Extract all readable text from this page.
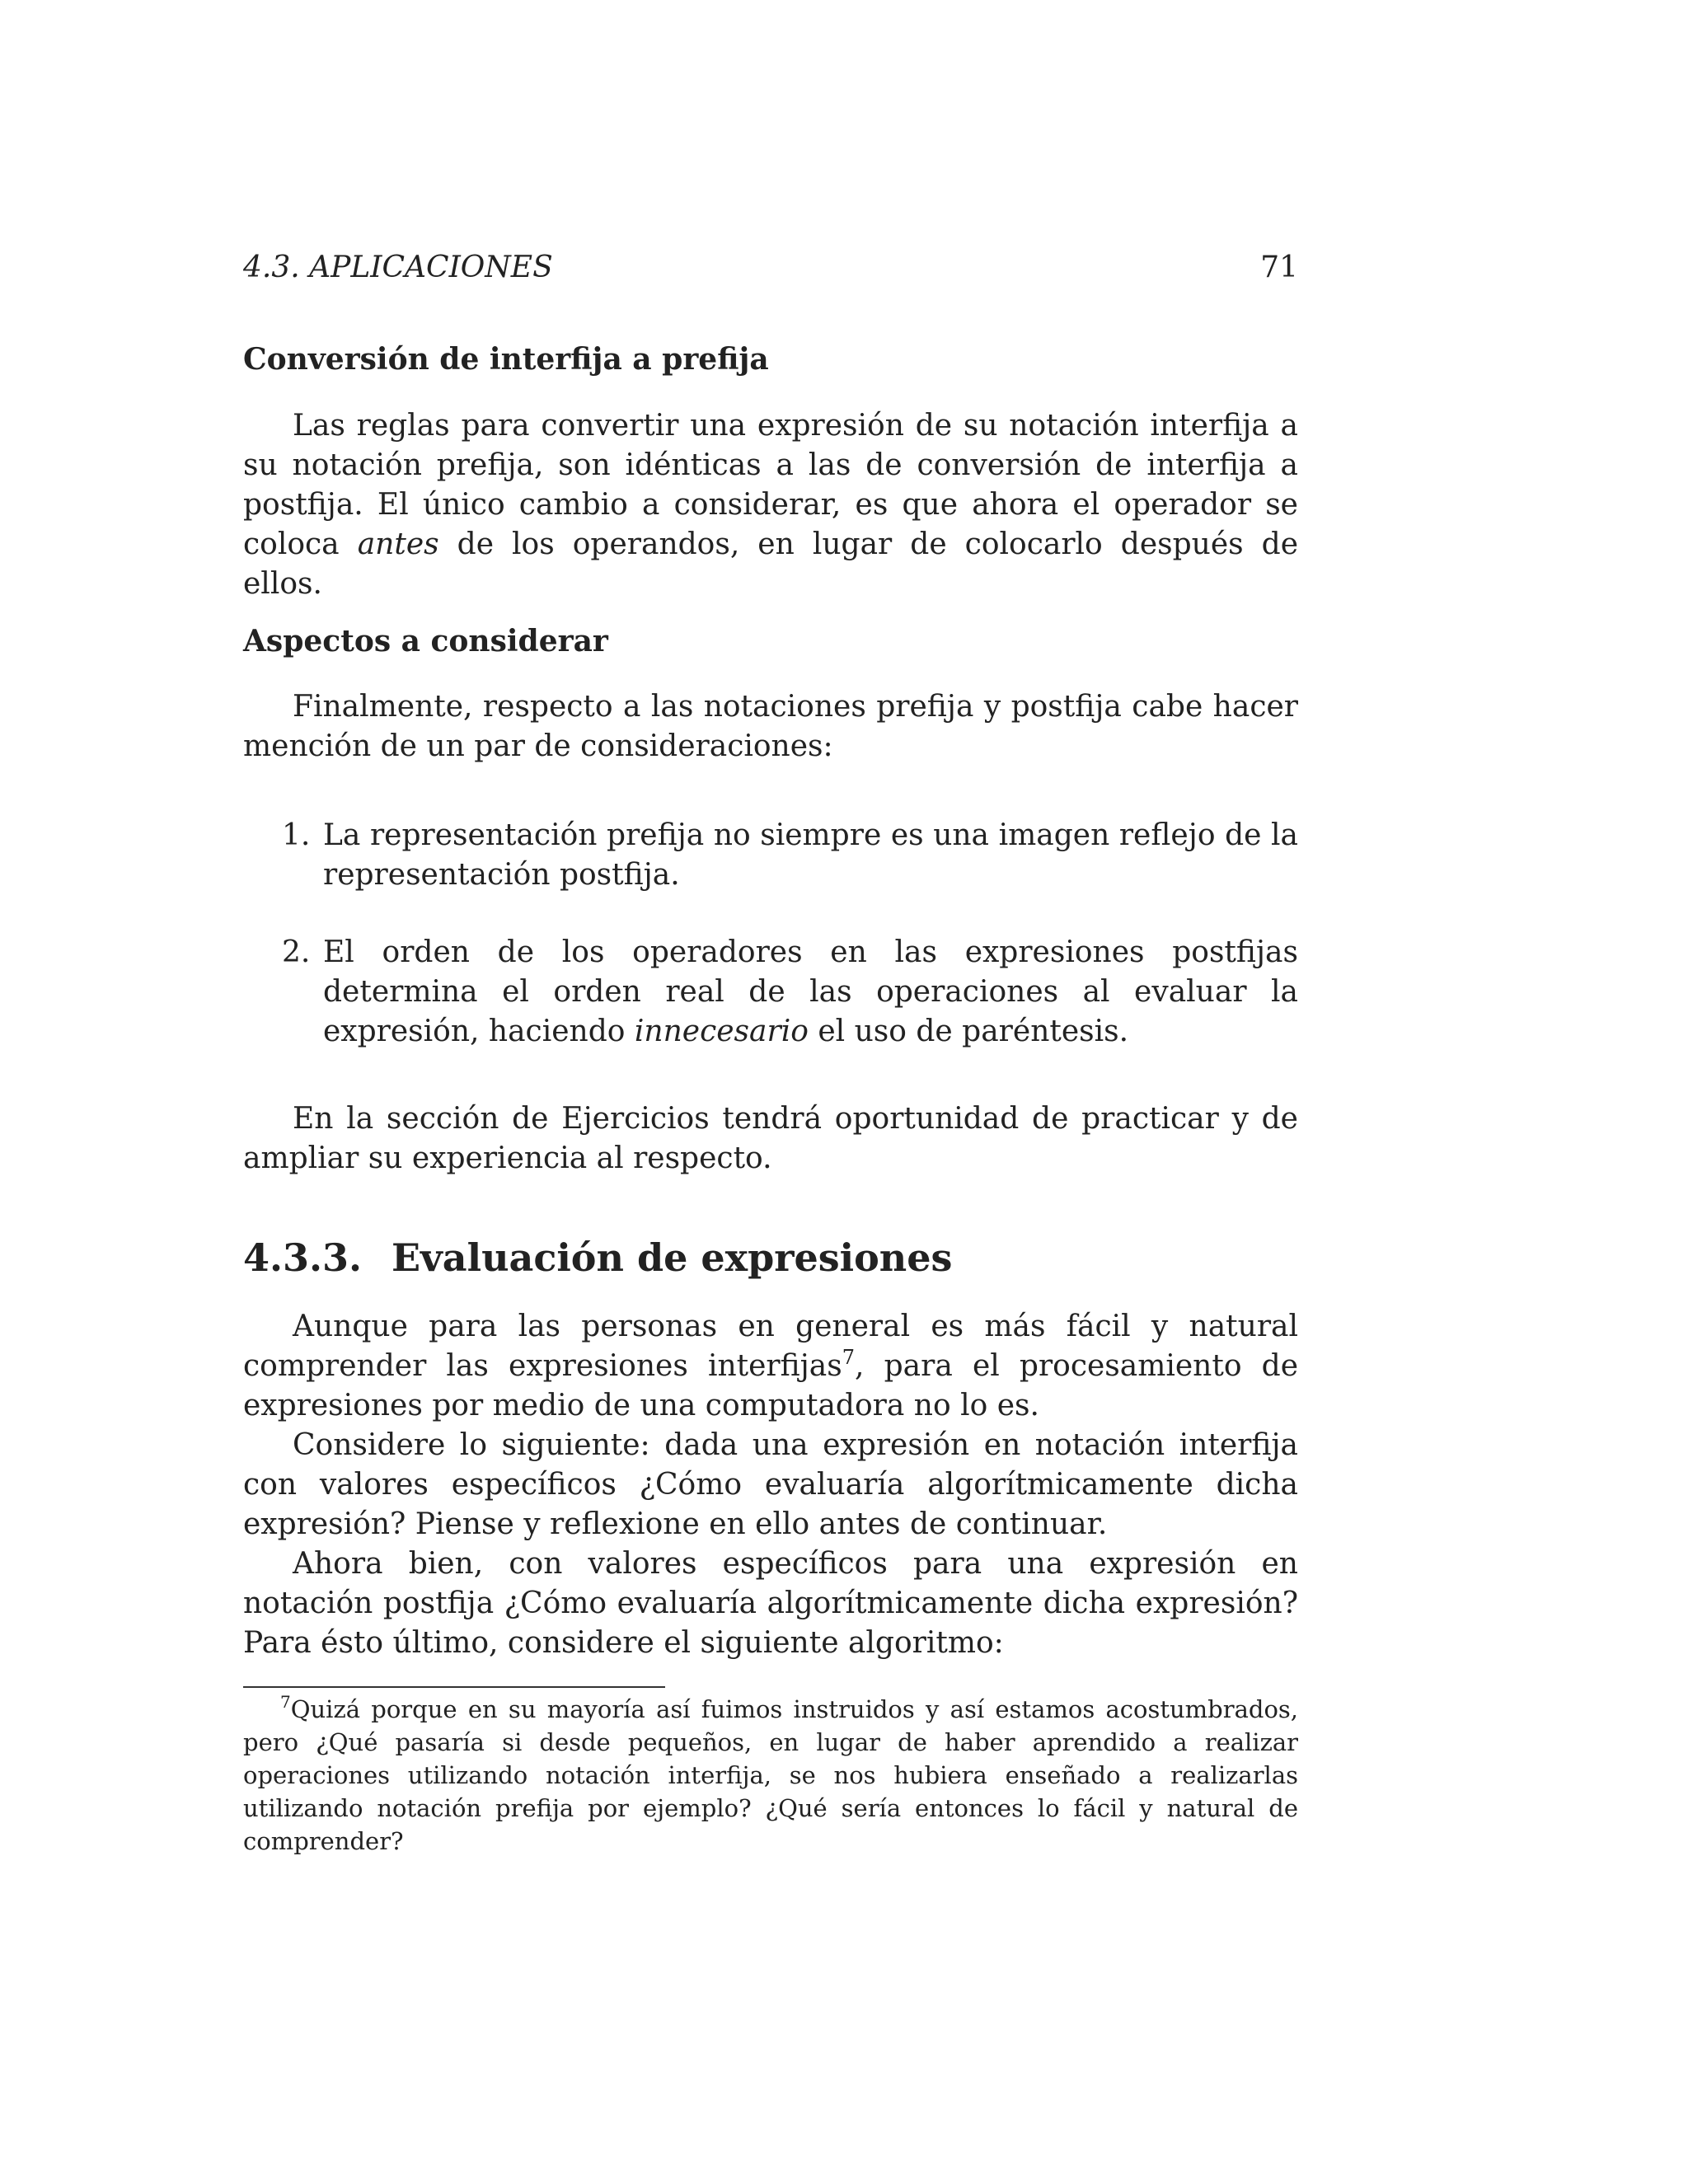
4.3. APLICACIONES	71
Conversión de interfija a prefija

Las reglas para convertir una expresión de su notación interfija a su notación prefija, son idénticas a las de conversión de interfija a postfija. El único cambio a considerar, es que ahora el operador se coloca antes de los operandos, en lugar de colocarlo después de ellos.

Aspectos a considerar

Finalmente, respecto a las notaciones prefija y postfija cabe hacer mención de un par de consideraciones:

1. La representación prefija no siempre es una imagen reflejo de la representación postfija.
2. El orden de los operadores en las expresiones postfijas determina el orden real de las operaciones al evaluar la expresión, haciendo innecesario el uso de paréntesis.

En la sección de Ejercicios tendrá oportunidad de practicar y de ampliar su experiencia al respecto.

4.3.3. Evaluación de expresiones

Aunque para las personas en general es más fácil y natural comprender las expresiones interfijas$^7$, para el procesamiento de expresiones por medio de una computadora no lo es.

Considere lo siguiente: dada una expresión en notación interfija con valores específicos ¿Cómo evaluaría algorítmicamente dicha expresión? Piense y reflexione en ello antes de continuar.

Ahora bien, con valores específicos para una expresión en notación postfija ¿Cómo evaluaría algorítmicamente dicha expresión? Para ésto último, considere el siguiente algoritmo:

$^7$Quizá porque en su mayoría así fuimos instruidos y así estamos acostumbrados, pero ¿Qué pasaría si desde pequeños, en lugar de haber aprendido a realizar operaciones utilizando notación interfija, se nos hubiera enseñado a realizarlas utilizando notación prefija por ejemplo? ¿Qué sería entonces lo fácil y natural de comprender?
